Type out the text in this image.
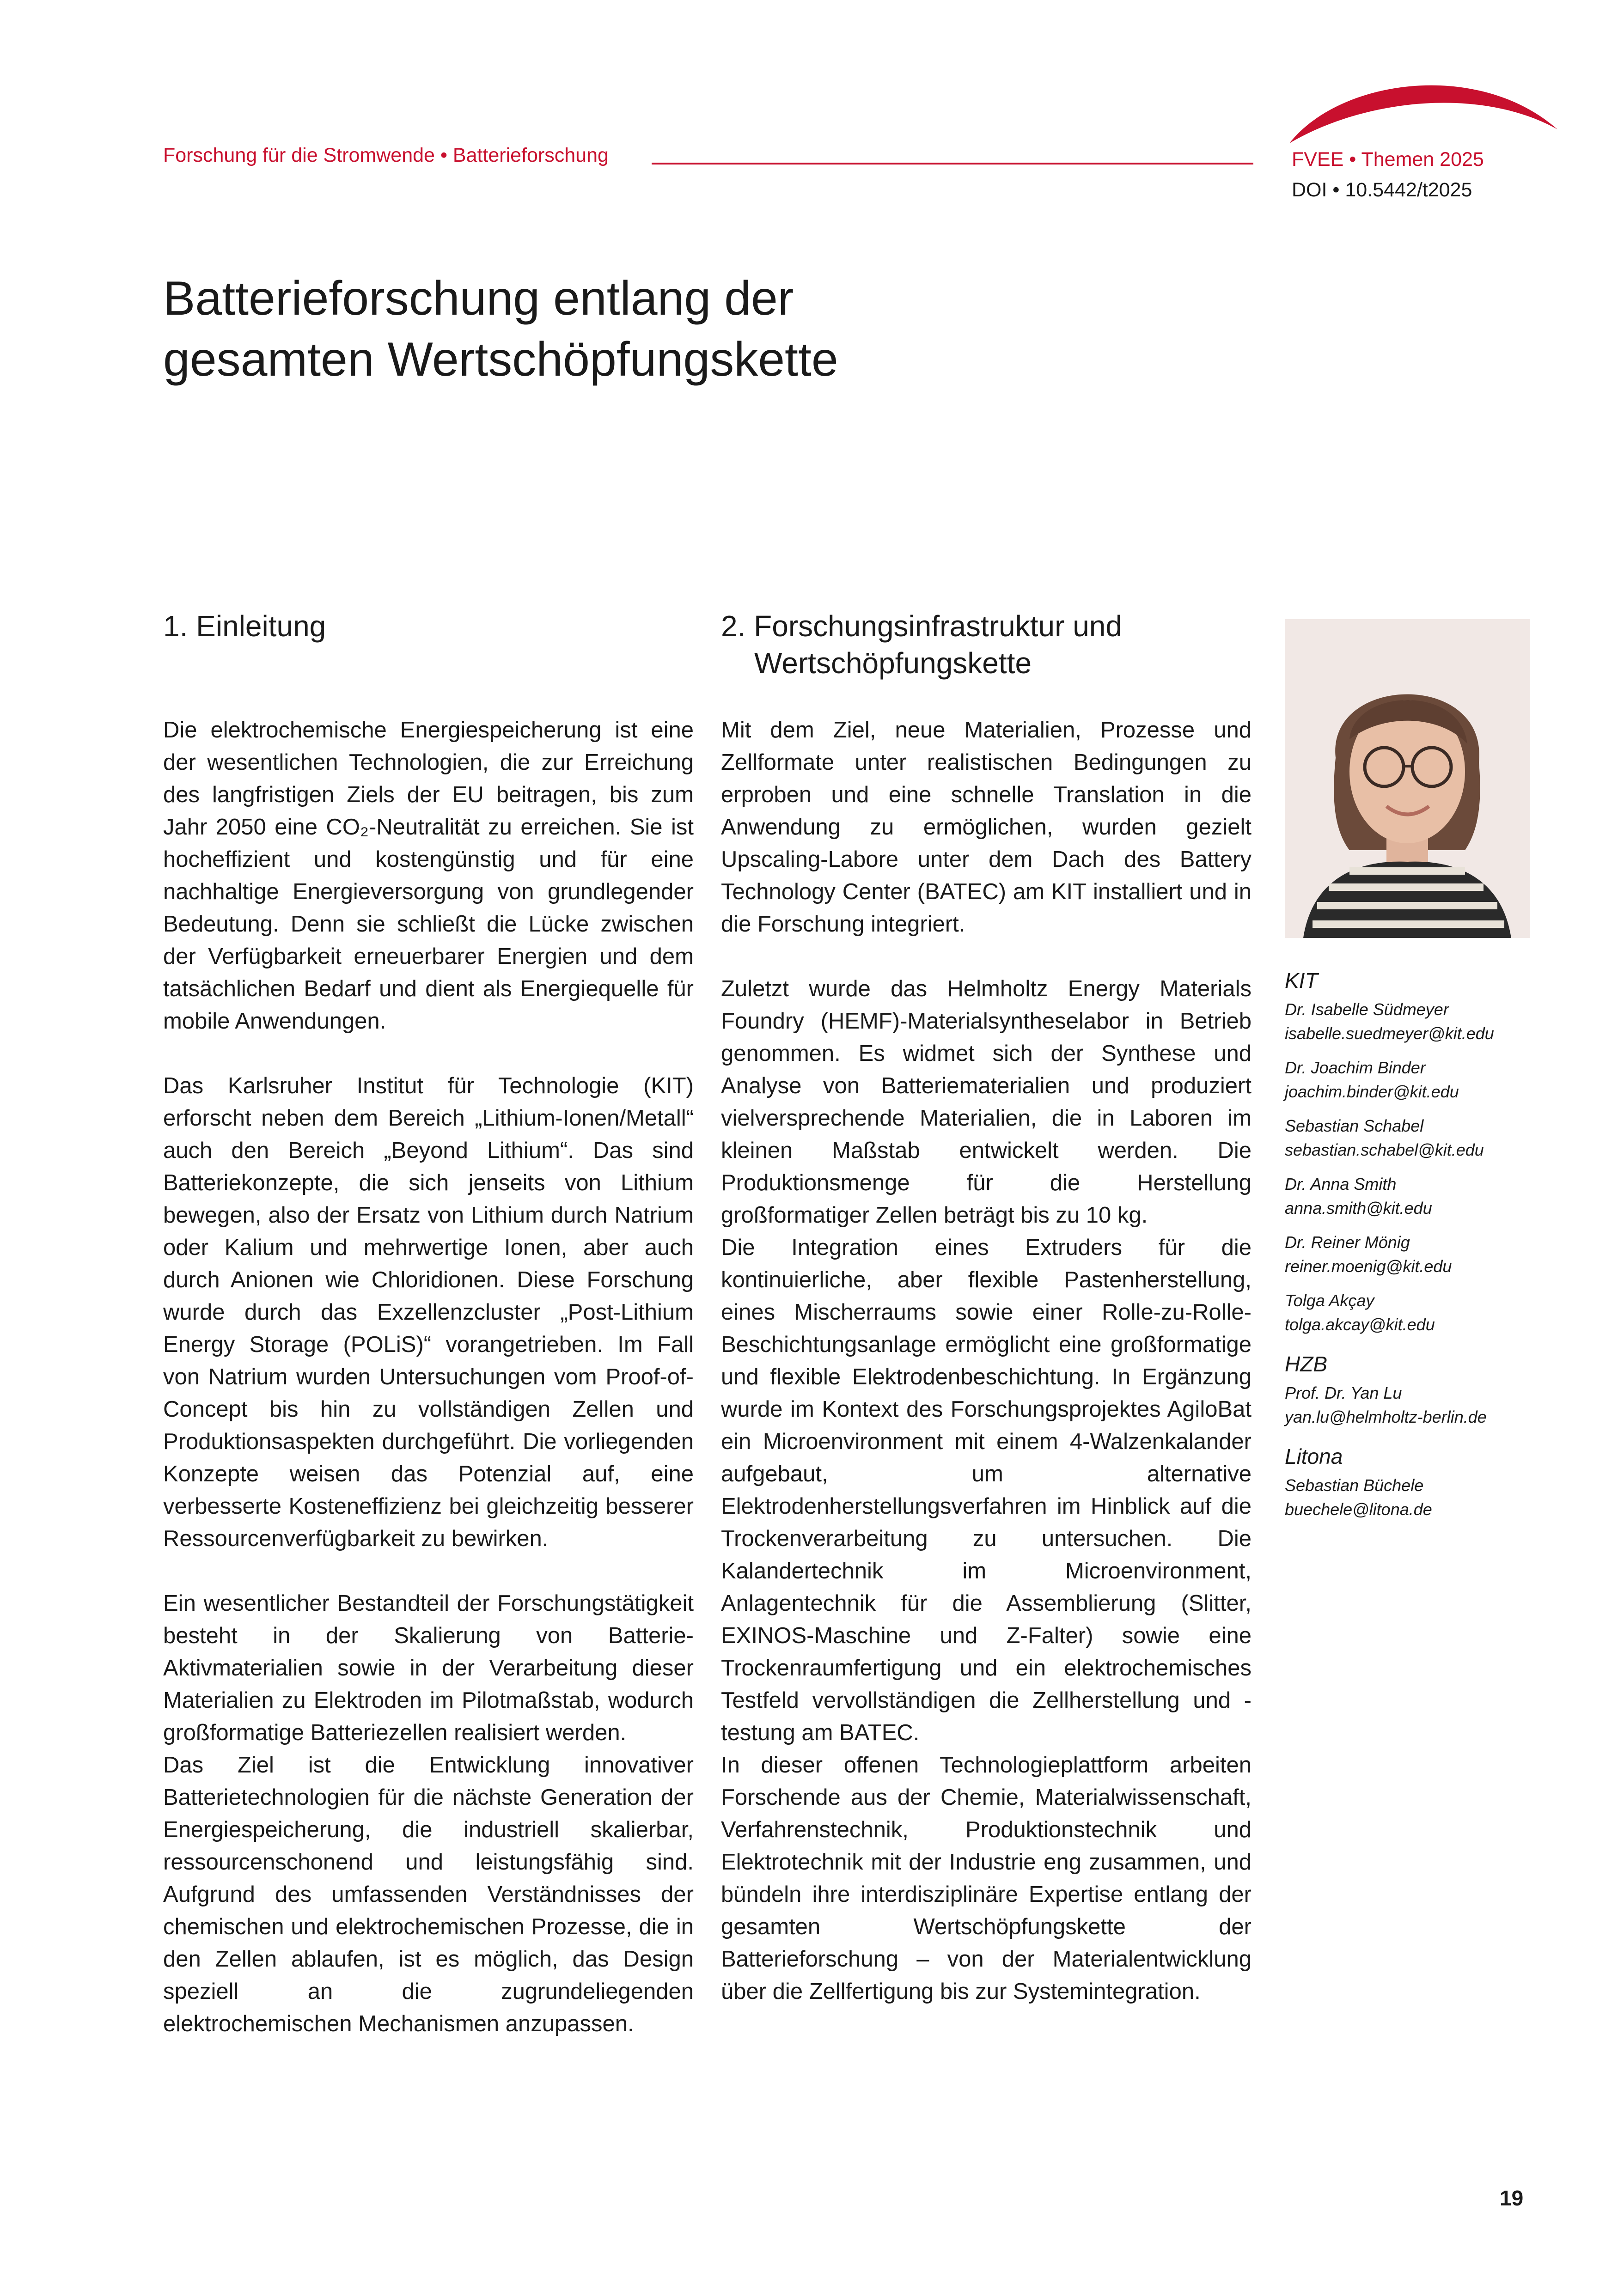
Forschung für die Stromwende • Batterieforschung	FVEE • Themen 2025
DOI • 10.5442/t2025
Batterieforschung entlang der
gesamten Wertschöpfungskette
1. Einleitung

Die elektrochemische Energiespeicherung ist eine der wesentlichen Technologien, die zur Erreichung des langfristigen Ziels der EU beitragen, bis zum Jahr 2050 eine CO₂-Neutralität zu erreichen. Sie ist hocheffizient und kostengünstig und für eine nachhaltige Energieversorgung von grundlegender Bedeutung. Denn sie schließt die Lücke zwischen der Verfügbarkeit erneuerbarer Energien und dem tatsächlichen Bedarf und dient als Energiequelle für mobile Anwendungen.

Das Karlsruher Institut für Technologie (KIT) erforscht neben dem Bereich „Lithium-Ionen/Metall“ auch den Bereich „Beyond Lithium“. Das sind Batteriekonzepte, die sich jenseits von Lithium bewegen, also der Ersatz von Lithium durch Natrium oder Kalium und mehrwertige Ionen, aber auch durch Anionen wie Chloridionen. Diese Forschung wurde durch das Exzellenzcluster „Post-Lithium Energy Storage (POLiS)“ vorangetrieben. Im Fall von Natrium wurden Untersuchungen vom Proof-of-Concept bis hin zu vollständigen Zellen und Produktionsaspekten durchgeführt. Die vorliegenden Konzepte weisen das Potenzial auf, eine verbesserte Kosteneffizienz bei gleichzeitig besserer Ressourcenverfügbarkeit zu bewirken.

Ein wesentlicher Bestandteil der Forschungstätigkeit besteht in der Skalierung von Batterie-Aktivmaterialien sowie in der Verarbeitung dieser Materialien zu Elektroden im Pilotmaßstab, wodurch großformatige Batteriezellen realisiert werden.

Das Ziel ist die Entwicklung innovativer Batterietechnologien für die nächste Generation der Energiespeicherung, die industriell skalierbar, ressourcenschonend und leistungsfähig sind. Aufgrund des umfassenden Verständnisses der chemischen und elektrochemischen Prozesse, die in den Zellen ablaufen, ist es möglich, das Design speziell an die zugrundeliegenden elektrochemischen Mechanismen anzupassen.

2. Forschungsinfrastruktur und
Wertschöpfungskette

Mit dem Ziel, neue Materialien, Prozesse und Zellformate unter realistischen Bedingungen zu erproben und eine schnelle Translation in die Anwendung zu ermöglichen, wurden gezielt Upscaling-Labore unter dem Dach des Battery Technology Center (BATEC) am KIT installiert und in die Forschung integriert.

Zuletzt wurde das Helmholtz Energy Materials Foundry (HEMF)-Materialsyntheselabor in Betrieb genommen. Es widmet sich der Synthese und Analyse von Batteriematerialien und produziert vielversprechende Materialien, die in Laboren im kleinen Maßstab entwickelt werden. Die Produktionsmenge für die Herstellung großformatiger Zellen beträgt bis zu 10 kg.

Die Integration eines Extruders für die kontinuierliche, aber flexible Pastenherstellung, eines Mischerraums sowie einer Rolle-zu-Rolle-Beschichtungsanlage ermöglicht eine großformatige und flexible Elektrodenbeschichtung. In Ergänzung wurde im Kontext des Forschungsprojektes AgiloBat ein Microenvironment mit einem 4-Walzenkalander aufgebaut, um alternative Elektrodenherstellungsverfahren im Hinblick auf die Trockenverarbeitung zu untersuchen. Die Kalandertechnik im Microenvironment, Anlagentechnik für die Assemblierung (Slitter, EXINOS-Maschine und Z-Falter) sowie eine Trockenraumfertigung und ein elektrochemisches Testfeld vervollständigen die Zellherstellung und -testung am BATEC.

In dieser offenen Technologieplattform arbeiten Forschende aus der Chemie, Materialwissenschaft, Verfahrenstechnik, Produktionstechnik und Elektrotechnik mit der Industrie eng zusammen, und bündeln ihre interdisziplinäre Expertise entlang der gesamten Wertschöpfungskette der Batterieforschung – von der Materialentwicklung über die Zellfertigung bis zur Systemintegration.

KIT
Dr. Isabelle Südmeyer
isabelle.suedmeyer@kit.edu
Dr. Joachim Binder
joachim.binder@kit.edu
Sebastian Schabel
sebastian.schabel@kit.edu
Dr. Anna Smith
anna.smith@kit.edu
Dr. Reiner Mönig
reiner.moenig@kit.edu
Tolga Akçay
tolga.akcay@kit.edu
HZB
Prof. Dr. Yan Lu
yan.lu@helmholtz-berlin.de
Litona
Sebastian Büchele
buechele@litona.de
19
